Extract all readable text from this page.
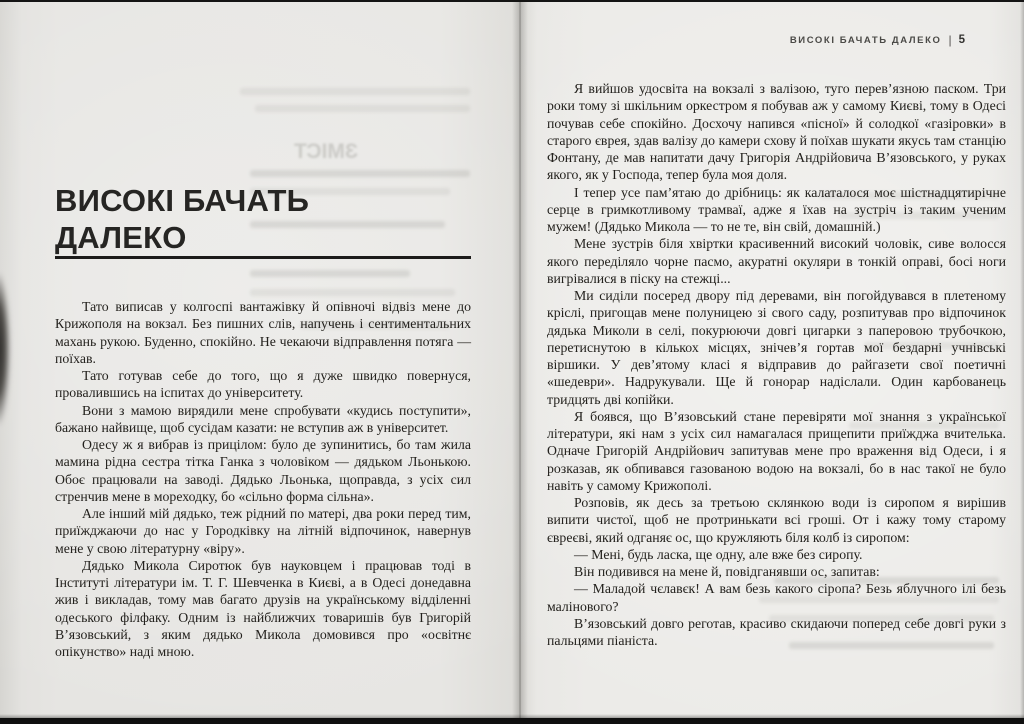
ЗМІСТ
ВИСОКІ БАЧАТЬ
ДАЛЕКО

Тато виписав у колгоспі вантажівку й опівночі відвіз мене до Крижополя на вокзал. Без пишних слів, напучень і сентиментальних махань рукою. Буденно, спокійно. Не чекаючи відправлення потяга — поїхав.

Тато готував себе до того, що я дуже швидко повернуся, провалившись на іспитах до університету.

Вони з мамою вирядили мене спробувати «кудись поступити», бажано найвище, щоб сусідам казати: не вступив аж в університет.

Одесу ж я вибрав із прицілом: було де зупинитись, бо там жила мамина рідна сестра тітка Ганка з чоловіком — дядьком Льонькою. Обоє працювали на заводі. Дядько Льонька, щоправда, з усіх сил стренчив мене в мореходку, бо «сільно форма сільна».

Але інший мій дядько, теж рідний по матері, два роки перед тим, приїжджаючи до нас у Городківку на літній відпочинок, навернув мене у свою літературну «віру».

Дядько Микола Сиротюк був науковцем і працював тоді в Інституті літератури ім. Т. Г. Шевченка в Києві, а в Одесі донедавна жив і викладав, тому мав багато друзів на українському відділенні одеського філфаку. Одним із найближчих товаришів був Григорій В’язовський, з яким дядько Микола домовився про «освітнє опікунство» наді мною.

ВИСОКІ БАЧАТЬ ДАЛЕКО | 5

Я вийшов удосвіта на вокзалі з валізою, туго перев’язною паском. Три роки тому зі шкільним оркестром я побував аж у самому Києві, тому в Одесі почував себе спокійно. Досхочу напився «пісної» й солодкої «газіровки» в старого єврея, здав валізу до камери схову й поїхав шукати якусь там станцію Фонтану, де мав напитати дачу Григорія Андрійовича В’язовського, у руках якого, як у Господа, тепер була моя доля.

І тепер усе пам’ятаю до дрібниць: як калаталося моє шістнадцятирічне серце в гримкотливому трамваї, адже я їхав на зустріч із таким ученим мужем! (Дядько Микола — то не те, він свій, домашній.)

Мене зустрів біля хвіртки красивенний високий чоловік, сиве волосся якого переділяло чорне пасмо, акуратні окуляри в тонкій оправі, босі ноги вигрівалися в піску на стежці...

Ми сиділи посеред двору під деревами, він погойдувався в плетеному кріслі, пригощав мене полуницею зі свого саду, розпитував про відпочинок дядька Миколи в селі, покурюючи довгі цигарки з паперовою трубочкою, перетиснутою в кількох місцях, знічев’я гортав мої бездарні учнівські віршики. У дев’ятому класі я відправив до райгазети свої поетичні «шедеври». Надрукували. Ще й гонорар надіслали. Один карбованець тридцять дві копійки.

Я боявся, що В’язовський стане перевіряти мої знання з української літератури, які нам з усіх сил намагалася прищепити приїжджа вчителька. Одначе Григорій Андрійович запитував мене про враження від Одеси, і я розказав, як обпивався газованою водою на вокзалі, бо в нас такої не було навіть у самому Крижополі.

Розповів, як десь за третьою склянкою води із сиропом я вирішив випити чистої, щоб не протринькати всі гроші. От і кажу тому старому євреєві, який одганяє ос, що кружляють біля колб із сиропом:

— Мені, будь ласка, ще одну, але вже без сиропу.

Він подивився на мене й, повідганявши ос, запитав:

— Маладой чєлавєк! А вам безь какого сіропа? Безь яблучного ілі безь малінового?

В’язовський довго реготав, красиво скидаючи поперед себе довгі руки з пальцями піаніста.
